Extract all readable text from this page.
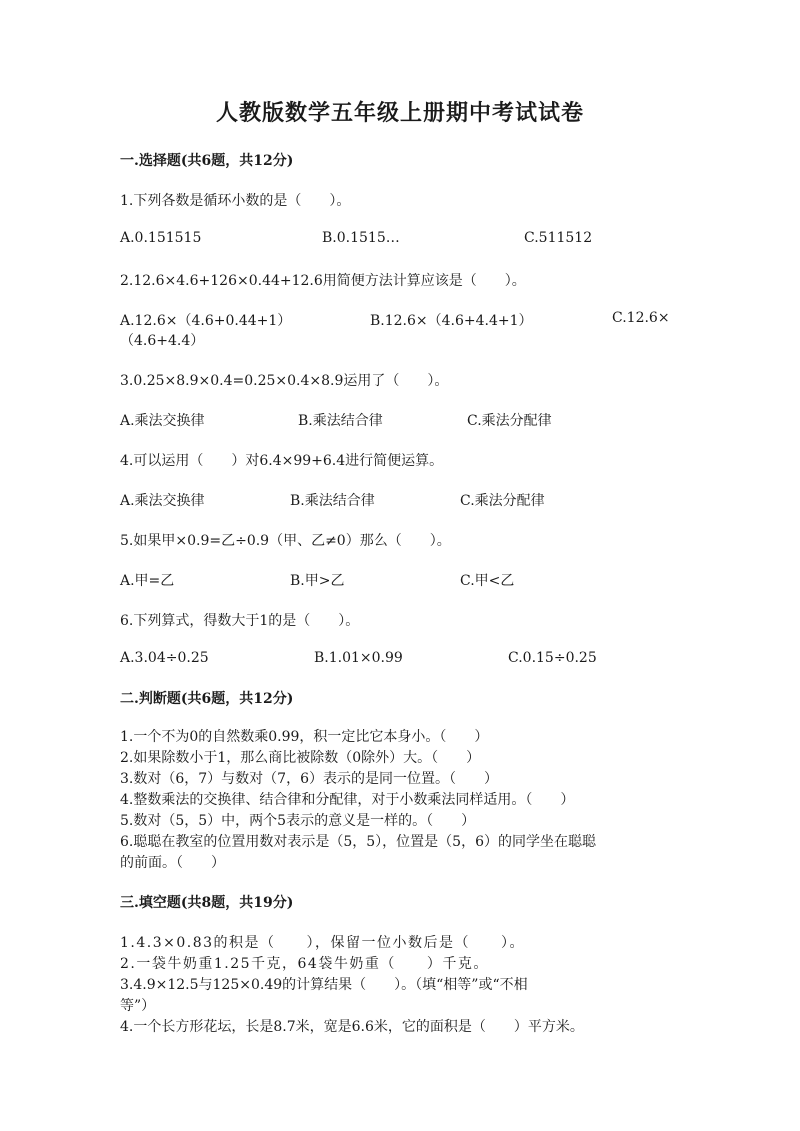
人教版数学五年级上册期中考试试卷
一.选择题(共6题，共12分)
1.下列各数是循环小数的是（　　）。
A.0.151515	B.0.1515…	C.511512
2.12.6×4.6+126×0.44+12.6用简便方法计算应该是（　　）。
A.12.6×（4.6+0.44+1）	B.12.6×（4.6+4.4+1）	C.12.6×
（4.6+4.4）
3.0.25×8.9×0.4=0.25×0.4×8.9运用了（　　）。
A.乘法交换律	B.乘法结合律	C.乘法分配律
4.可以运用（　　）对6.4×99+6.4进行简便运算。
A.乘法交换律	B.乘法结合律	C.乘法分配律
5.如果甲×0.9=乙÷0.9（甲、乙≠0）那么（　　）。
A.甲=乙	B.甲>乙	C.甲<乙
6.下列算式，得数大于1的是（　　）。
A.3.04÷0.25	B.1.01×0.99	C.0.15÷0.25
二.判断题(共6题，共12分)
1.一个不为0的自然数乘0.99，积一定比它本身小。（　　）
2.如果除数小于1，那么商比被除数（0除外）大。（　　）
3.数对（6，7）与数对（7，6）表示的是同一位置。（　　）
4.整数乘法的交换律、结合律和分配律，对于小数乘法同样适用。（　　）
5.数对（5，5）中，两个5表示的意义是一样的。（　　）
6.聪聪在教室的位置用数对表示是（5，5），位置是（5，6）的同学坐在聪聪
的前面。（　　）
三.填空题(共8题，共19分)
1.4.3×0.83的积是（　　），保留一位小数后是（　　）。
2.一袋牛奶重1.25千克，64袋牛奶重（　　）千克。
3.4.9×12.5与125×0.49的计算结果（　　）。（填“相等”或“不相
等”）
4.一个长方形花坛，长是8.7米，宽是6.6米，它的面积是（　　）平方米。
